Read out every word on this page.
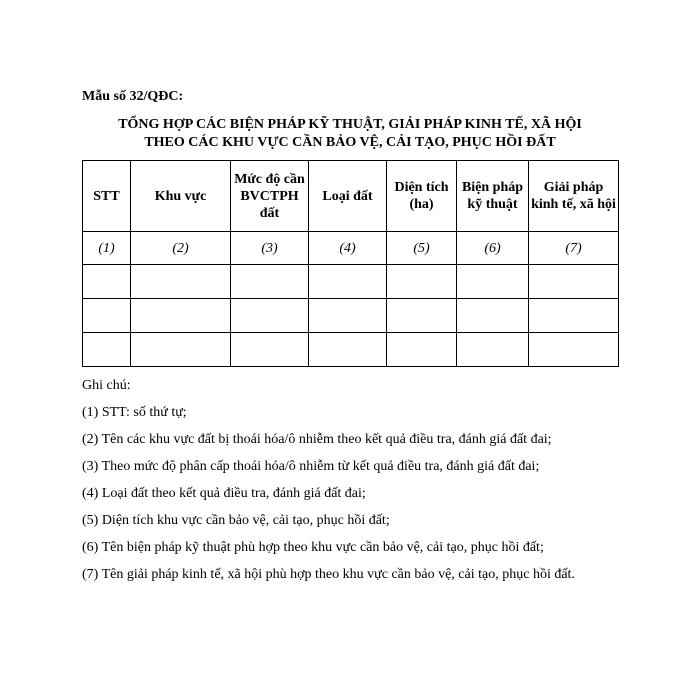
Mẫu số 32/QĐC:
TỔNG HỢP CÁC BIỆN PHÁP KỸ THUẬT, GIẢI PHÁP KINH TẾ, XÃ HỘI
THEO CÁC KHU VỰC CẦN BẢO VỆ, CẢI TẠO, PHỤC HỒI ĐẤT
STT	Khu vực	Mức độ cần BVCTPH đất	Loại đất	Diện tích (ha)	Biện pháp kỹ thuật	Giải pháp kinh tế, xã hội
(1)	(2)	(3)	(4)	(5)	(6)	(7)

Ghi chú:
(1) STT: số thứ tự;
(2) Tên các khu vực đất bị thoái hóa/ô nhiễm theo kết quả điều tra, đánh giá đất đai;
(3) Theo mức độ phân cấp thoái hóa/ô nhiễm từ kết quả điều tra, đánh giá đất đai;
(4) Loại đất theo kết quả điều tra, đánh giá đất đai;
(5) Diện tích khu vực cần bảo vệ, cải tạo, phục hồi đất;
(6) Tên biện pháp kỹ thuật phù hợp theo khu vực cần bảo vệ, cải tạo, phục hồi đất;
(7) Tên giải pháp kinh tế, xã hội phù hợp theo khu vực cần bảo vệ, cải tạo, phục hồi đất.
